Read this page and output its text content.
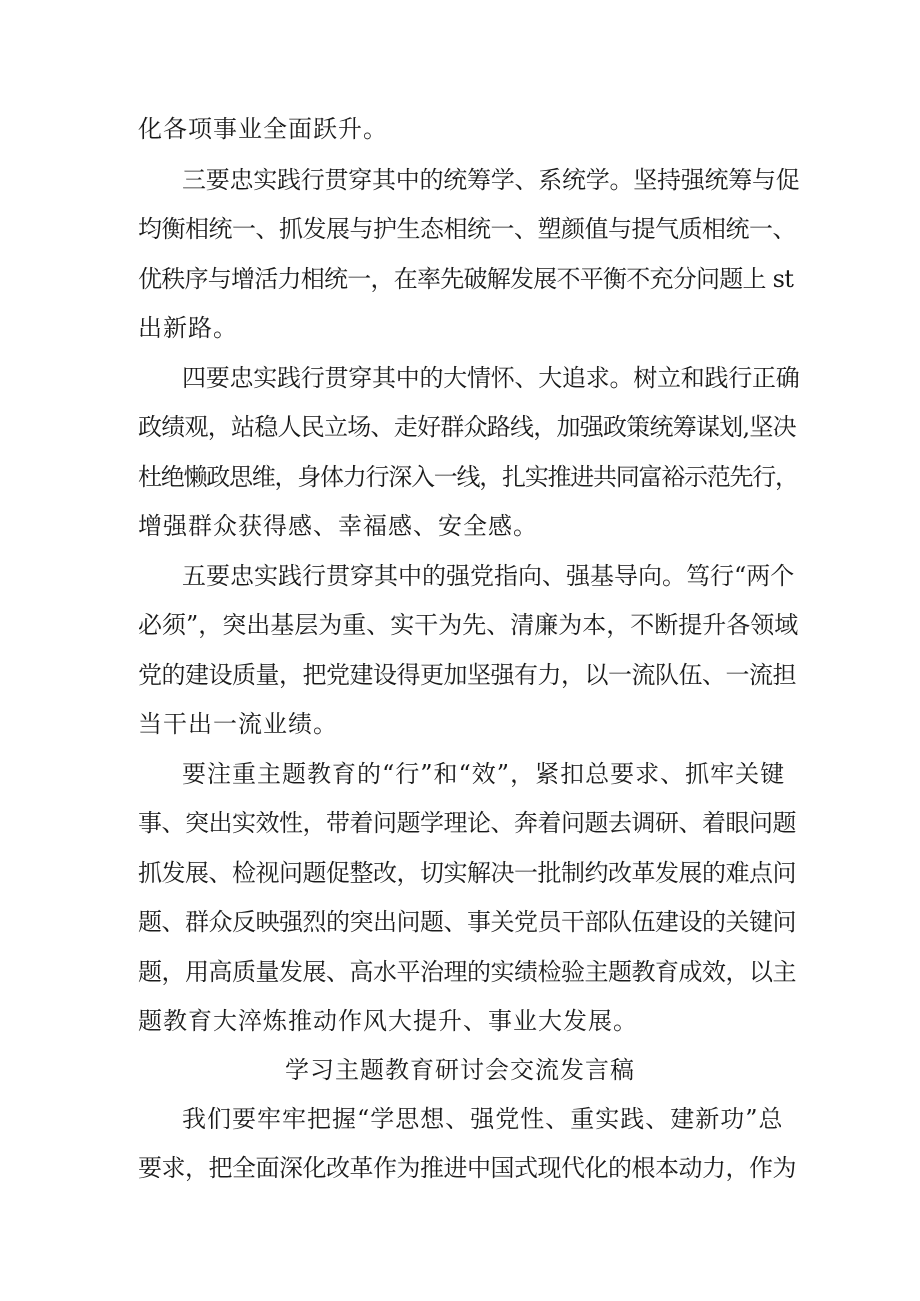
化各项事业全面跃升。
三要忠实践行贯穿其中的统筹学、系统学。坚持强统筹与促
均衡相统一、抓发展与护生态相统一、塑颜值与提气质相统一、
优秩序与增活力相统一，在率先破解发展不平衡不充分问题上 st
出新路。
四要忠实践行贯穿其中的大情怀、大追求。树立和践行正确
政绩观，站稳人民立场、走好群众路线，加强政策统筹谋划,坚决
杜绝懒政思维，身体力行深入一线，扎实推进共同富裕示范先行，
增强群众获得感、幸福感、安全感。
五要忠实践行贯穿其中的强党指向、强基导向。笃行“两个
必须”，突出基层为重、实干为先、清廉为本，不断提升各领域
党的建设质量，把党建设得更加坚强有力，以一流队伍、一流担
当干出一流业绩。
要注重主题教育的“行”和“效”，紧扣总要求、抓牢关键
事、突出实效性，带着问题学理论、奔着问题去调研、着眼问题
抓发展、检视问题促整改，切实解决一批制约改革发展的难点问
题、群众反映强烈的突出问题、事关党员干部队伍建设的关键问
题，用高质量发展、高水平治理的实绩检验主题教育成效，以主
题教育大淬炼推动作风大提升、事业大发展。
学习主题教育研讨会交流发言稿
我们要牢牢把握“学思想、强党性、重实践、建新功”总
要求，把全面深化改革作为推进中国式现代化的根本动力，作为
